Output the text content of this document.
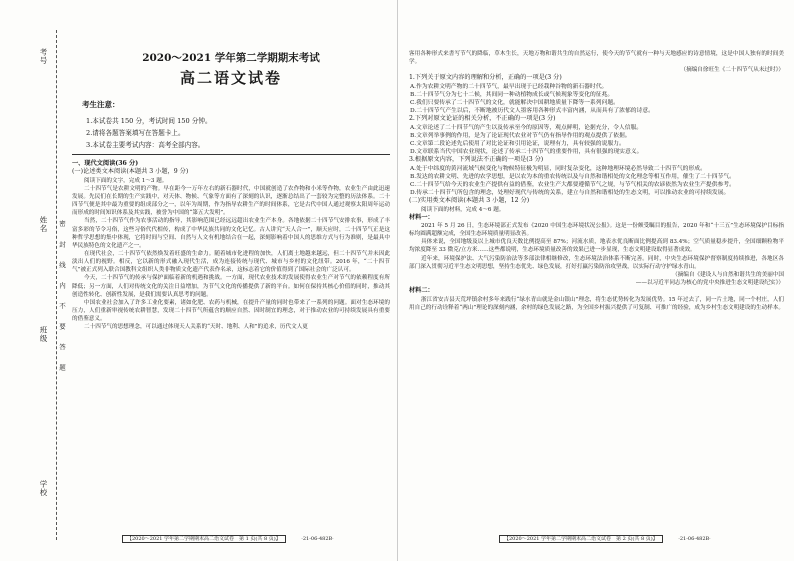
考号
姓名
班级
学校
密 封 线 内 不 要 答 题
2020～2021 学年第二学期期末考试
高二语文试卷
考生注意：
1.本试卷共 150 分，考试时间 150 分钟。
2.请将各题答案填写在答题卡上。
3.本试卷主要考试内容：高考全部内容。

一、现代文阅读(36 分)

(一)论述类文本阅读(本题共 3 小题，9 分)

阅读下面的文字，完成 1～3 题。

二十四节气是农耕文明的产物。早在距今一万年左右的新石器时代，中国就创造了农作物和小米等作物，农业生产由此迅速发展。先民们在长期的生产实践中，对天体、物候、气象等方面有了深刻的认识，逐渐总结出了一套较为完整的历法体系。二十四节气便是其中最为重要的组成部分之一，以年为周期，作为指导农耕生产的时间体系，它是古代中国人通过观察太阳周年运动而形成的时间知识体系及其实践，被誉为中国的“第五大发明”。

当然，二十四节气作为农事活动的指导，其影响范围已经远远超出农业生产本身。各地依据二十四节气安排农事，形成了丰富多彩的节令习俗，这些习俗代代相传，构成了中华民族共同的文化记忆。古人讲究“天人合一”，顺天应时，二十四节气正是这种哲学思想的集中体现，它将时间与空间、自然与人文有机地结合在一起，深刻影响着中国人的思维方式与行为准则，是最具中华民族特色的文化遗产之一。

在现代社会，二十四节气依然焕发着旺盛的生命力。随着城市化进程的加快，人们离土地越来越远，但二十四节气并未因此淡出人们的视野。相反，它以新的形式融入现代生活，成为连接传统与现代、城市与乡村的文化纽带。2016 年，“二十四节气”被正式列入联合国教科文组织人类非物质文化遗产代表作名录，这标志着它的价值得到了国际社会的广泛认可。

今天，二十四节气的传承与保护面临着新的机遇和挑战。一方面，现代农业技术的发展使得农业生产对节气的依赖程度有所降低；另一方面，人们对传统文化的关注日益增加，为节气文化的传播提供了新的平台。如何在保持其核心价值的同时，推动其创造性转化、创新性发展，是我们需要认真思考的问题。

中国农业社会加入了许多工业化要素，诸如化肥、农药与机械，在提升产量的同时也带来了一系列的问题。面对生态环境的压力，人们重新审视传统农耕智慧，发现二十四节气所蕴含的顺应自然、因时制宜的理念，对于推动农业的可持续发展具有重要的借鉴意义。

二十四节气的思想理念，可以通过体现天人关系的“天时、地利、人和”的追求，历代文人更

【2020～2021 学年第二学期期末高二语文试卷　第 1 页(共 8 页)】	·21-06-482B·

客用各种形式来書写节气的降临，草木生长，天地万物和谐共生的自然运行，使今天的节气就有一种与天地感应的诗意情境，这是中国人独有的时间美学。

（摘编自徐旺生《二十四节气从未过时》）

1.下列关于原文内容的理解和分析，正确的一项是(3 分)

A.作为农耕文明产物的二十四节气，最早出现于已经栽种谷物的新石器时代。

B.二十四节气分为七十二候，其间同一种动植物成长或气候现象等变化的征兆。

C.我们只要传承了二十四节气的文化，就能解决中国耕地质量下降等一系列问题。

D.二十四节气产生以后，不断地被历代文人墨客用各种形式丰富内涵，从而具有了浓郁的诗意。

2.下列对原文论证的相关分析，不正确的一项是(3 分)

A.文章论述了二十四节气的产生以及传承至今的原因等，观点鲜明，论据充分，令人信服。

B.文章列举事例的作用，是为了论证现代农业对节气仍有指导作用的观点提供了依据。

C.文章第二段论述先后使用了对比论证和引用论证，说理有力，具有较强的说服力。

D.文章联系当代中国农业现状，论述了传承二十四节气的重要作用，具有很强的现实意义。

3.根据原文内容，下列说法不正确的一项是(3 分)

A.处于中纬度的黄河流域气候变化与物候特征极为明显，同时复杂变化，这种地理环境必然导致二十四节气的形成。

B.发达的农耕文明、先进的农学思想，是以农为本的重农传统以及与自然和谐相处的文化理念等相互作用，催生了二十四节气。

C.二十四节气给今天的农业生产提供有益的借鉴，农业生产大都要遵循节气之规，与节气相关的农谚依然为农业生产提供参考。

D.传承二十四节气所包含的理念，处理好现代与传统的关系，建立与自然和谐相处的生态文明，可以推动农业的可持续发展。

(二)实用类文本阅读(本题共 3 小题，12 分)

阅读下面的材料，完成 4～6 题。

材料一：

2021 年 5 月 26 日，生态环境部正式发布《2020 中国生态环境状况公报》。这是一份颇受瞩目的报告，2020 年和“十三五”生态环境保护目标指标均圆满超额完成，全国生态环境质量明显改善。

具体来说，全国地级及以上城市优良天数比例提高至 87%；河流水质，地表水优良断面比例提高到 83.4%；空气质量稳步提升，全国细颗粒物平均浓度降至 33 微克/立方米……这些都说明，生态环境质量改善的效果已进一步显现，生态文明建设取得显著成效。

近年来，环境保护法、大气污染防治法等多部法律相继修改，生态环境法治体系不断完善。同时，中央生态环境保护督察制度持续推进，各地区各部门深入贯彻习近平生态文明思想，坚持生态优先、绿色发展，打好打赢污染防治攻坚战，以实际行动守护绿水青山。

（摘编自《建设人与自然和谐共生的美丽中国

——以习近平同志为核心的党中央推进生态文明建设纪实》）

材料二：

浙江省安吉县天荒坪镇余村多年来践行“绿水青山就是金山银山”理念，将生态优势转化为发展优势。15 年过去了，同一片土地，同一个村庄，人们用自己的行动诠释着“两山”理论的深刻内涵，余村的绿色发展之路，为全国乡村振兴提供了可复制、可推广的经验，成为乡村生态文明建设的生动样本。

【2020～2021 学年第二学期期末高二语文试卷　第 2 页(共 8 页)】	·21-06-482B·
